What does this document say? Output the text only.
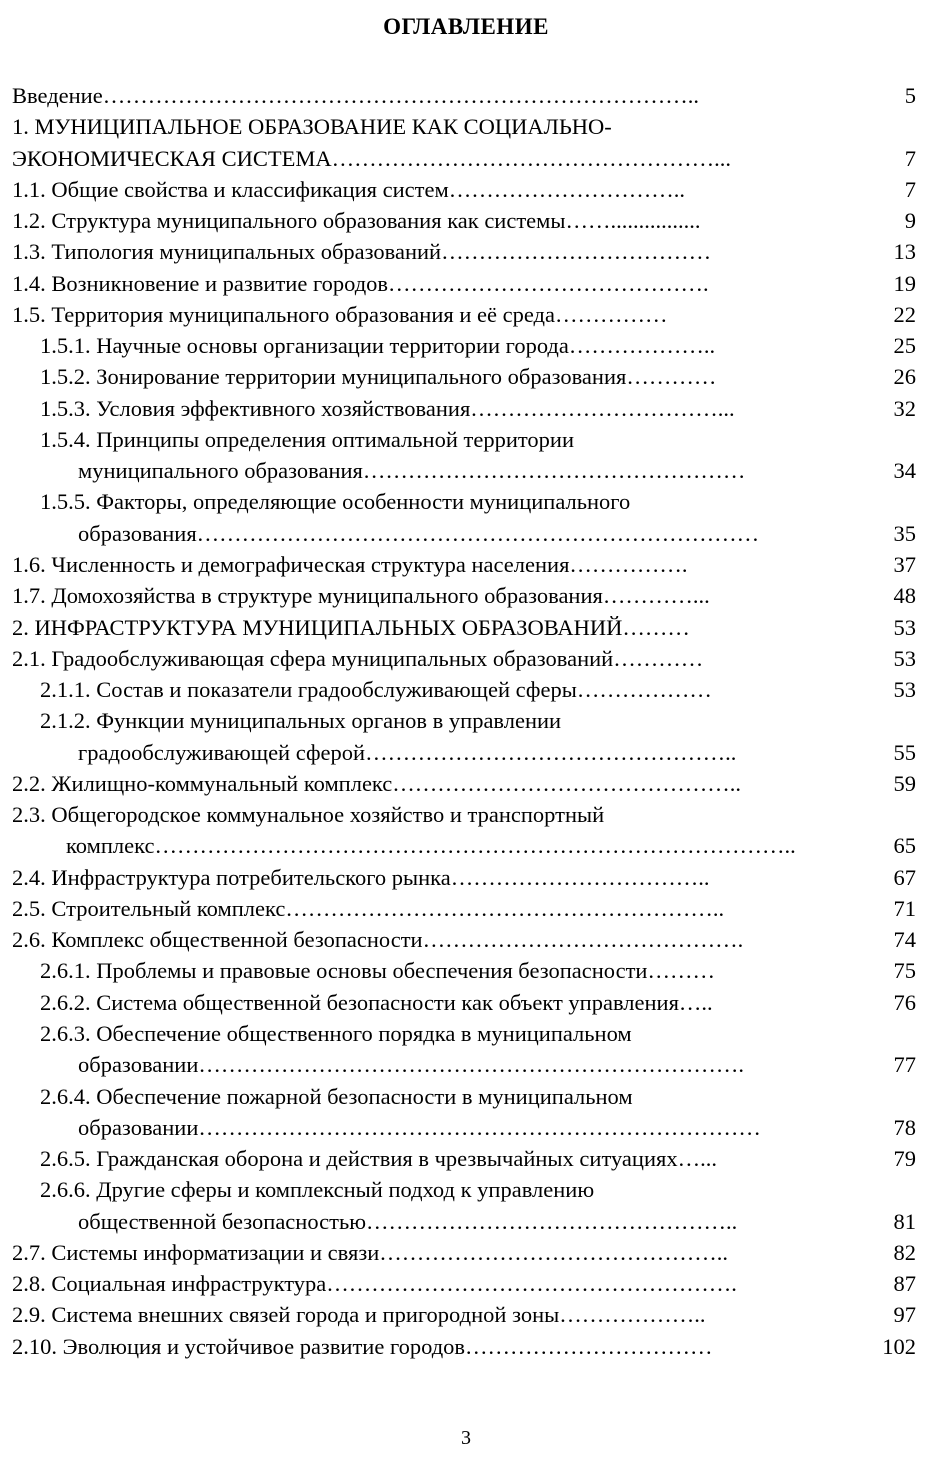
ОГЛАВЛЕНИЕ
Введение……………………………………………………………………..	5
1. МУНИЦИПАЛЬНОЕ ОБРАЗОВАНИЕ КАК СОЦИАЛЬНО-
ЭКОНОМИЧЕСКАЯ СИСТЕМА……………………………………………...	7
1.1. Общие свойства и классификация систем…………………………..	7
1.2. Структура муниципального образования как системы……................	9
1.3. Типология муниципальных образований………………………………	13
1.4. Возникновение и развитие городов…………………………………….	19
1.5. Территория муниципального образования и её среда……………	22
1.5.1. Научные основы организации территории города………………..	25
1.5.2. Зонирование территории муниципального образования…………	26
1.5.3. Условия эффективного хозяйствования……………………………...	32
1.5.4. Принципы определения оптимальной территории
муниципального образования……………………………………………	34
1.5.5. Факторы, определяющие особенности муниципального
образования…………………………………………………………………	35
1.6. Численность и демографическая структура населения…………….	37
1.7. Домохозяйства в структуре муниципального образования…………...	48
2. ИНФРАСТРУКТУРА МУНИЦИПАЛЬНЫХ ОБРАЗОВАНИЙ………	53
2.1. Градообслуживающая сфера муниципальных образований…………	53
2.1.1. Состав и показатели градообслуживающей сферы………………	53
2.1.2. Функции муниципальных органов в управлении
градообслуживающей сферой…………………………………………..	55
2.2. Жилищно-коммунальный комплекс………………………………………..	59
2.3. Общегородское коммунальное хозяйство и транспортный
комплекс…………………………………………………………………………..	65
2.4. Инфраструктура потребительского рынка……………………………..	67
2.5. Строительный комплекс…………………………………………………..	71
2.6. Комплекс общественной безопасности…………………………………….	74
2.6.1. Проблемы и правовые основы обеспечения безопасности………	75
2.6.2. Система общественной безопасности как объект управления…..	76
2.6.3. Обеспечение общественного порядка в муниципальном
образовании……………………………………………………………….	77
2.6.4. Обеспечение пожарной безопасности в муниципальном
образовании…………………………………………………………………	78
2.6.5. Гражданская оборона и действия в чрезвычайных ситуациях…...	79
2.6.6. Другие сферы и комплексный подход к управлению
общественной безопасностью…………………………………………..	81
2.7. Системы информатизации и связи………………………………………..	82
2.8. Социальная инфраструктура……………………………………………….	87
2.9. Система внешних связей города и пригородной зоны………………..	97
2.10. Эволюция и устойчивое развитие городов……………………………	102
3
